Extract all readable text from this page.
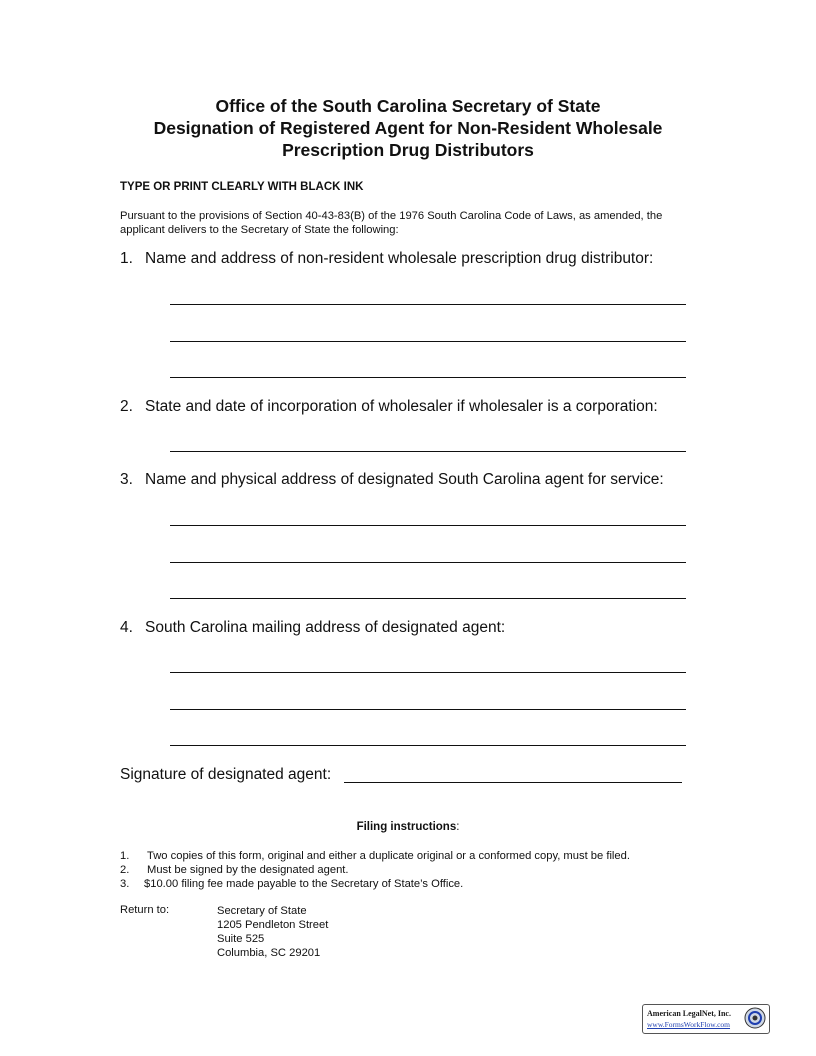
Office of the South Carolina Secretary of State
Designation of Registered Agent for Non-Resident Wholesale
Prescription Drug Distributors
TYPE OR PRINT CLEARLY WITH BLACK INK
Pursuant to the provisions of Section 40-43-83(B) of the 1976 South Carolina Code of Laws, as amended, the applicant delivers to the Secretary of State the following:
1. Name and address of non-resident wholesale prescription drug distributor:
2. State and date of incorporation of wholesaler if wholesaler is a corporation:
3. Name and physical address of designated South Carolina agent for service:
4. South Carolina mailing address of designated agent:
Signature of designated agent:
Filing instructions:
1.	Two copies of this form, original and either a duplicate original or a conformed copy, must be filed.
2.	Must be signed by the designated agent.
3.	$10.00 filing fee made payable to the Secretary of State’s Office.
Return to:	Secretary of State
1205 Pendleton Street
Suite 525
Columbia, SC 29201
American LegalNet, Inc.
www.FormsWorkFlow.com
